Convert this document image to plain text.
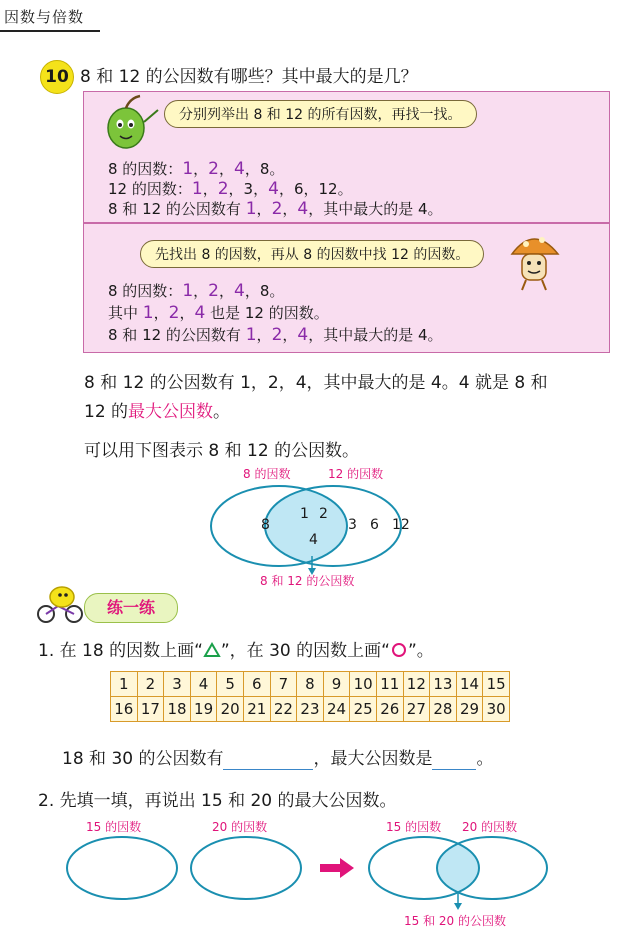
因数与倍数
10 8 和 12 的公因数有哪些？其中最大的是几？
分别列举出 8 和 12 的所有因数，再找一找。
8 的因数：1，2，4，8。
12 的因数：1，2，3，4，6，12。
8 和 12 的公因数有 1，2，4，其中最大的是 4。
先找出 8 的因数，再从 8 的因数中找 12 的因数。
8 的因数：1，2，4，8。
其中 1，2，4 也是 12 的因数。
8 和 12 的公因数有 1，2，4，其中最大的是 4。
8 和 12 的公因数有 1，2，4，其中最大的是 4。4 就是 8 和
12 的最大公因数。
可以用下图表示 8 和 12 的公因数。
8 的因数	12 的因数
8
1 2
4
3 6 12
8 和 12 的公因数
练一练
1. 在 18 的因数上画“ ”，在 30 的因数上画“ ”。
1	2	3	4	5	6	7	8	9	10	11	12	13	14	15
16	17	18	19	20	21	22	23	24	25	26	27	28	29	30
18 和 30 的公因数有	，最大公因数是	。
2. 先填一填，再说出 15 和 20 的最大公因数。
15 的因数	20 的因数	15 的因数 20 的因数
15 和 20 的公因数
